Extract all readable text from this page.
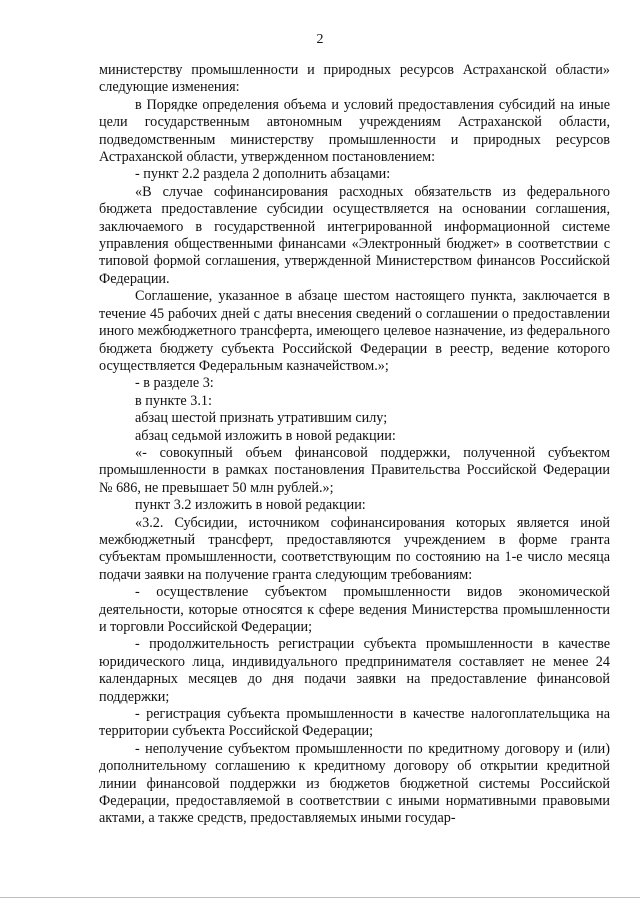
2

министерству промышленности и природных ресурсов Астраханской области» следующие изменения:

в Порядке определения объема и условий предоставления субсидий на иные цели государственным автономным учреждениям Астраханской области, подведомственным министерству промышленности и природных ресурсов Астраханской области, утвержденном постановлением:

- пункт 2.2 раздела 2 дополнить абзацами:

«В случае софинансирования расходных обязательств из федерального бюджета предоставление субсидии осуществляется на основании соглашения, заключаемого в государственной интегрированной информационной системе управления общественными финансами «Электронный бюджет» в соответствии с типовой формой соглашения, утвержденной Министерством финансов Российской Федерации.

Соглашение, указанное в абзаце шестом настоящего пункта, заключается в течение 45 рабочих дней с даты внесения сведений о соглашении о предоставлении иного межбюджетного трансферта, имеющего целевое назначение, из федерального бюджета бюджету субъекта Российской Федерации в реестр, ведение которого осуществляется Федеральным казначейством.»;

- в разделе 3:

в пункте 3.1:

абзац шестой признать утратившим силу;

абзац седьмой изложить в новой редакции:

«- совокупный объем финансовой поддержки, полученной субъектом промышленности в рамках постановления Правительства Российской Федерации № 686, не превышает 50 млн рублей.»;

пункт 3.2 изложить в новой редакции:

«3.2. Субсидии, источником софинансирования которых является иной межбюджетный трансферт, предоставляются учреждением в форме гранта субъектам промышленности, соответствующим по состоянию на 1-е число месяца подачи заявки на получение гранта следующим требованиям:

- осуществление субъектом промышленности видов экономической деятельности, которые относятся к сфере ведения Министерства промышленности и торговли Российской Федерации;

- продолжительность регистрации субъекта промышленности в качестве юридического лица, индивидуального предпринимателя составляет не менее 24 календарных месяцев до дня подачи заявки на предоставление финансовой поддержки;

- регистрация субъекта промышленности в качестве налогоплательщика на территории субъекта Российской Федерации;

- неполучение субъектом промышленности по кредитному договору и (или) дополнительному соглашению к кредитному договору об открытии кредитной линии финансовой поддержки из бюджетов бюджетной системы Российской Федерации, предоставляемой в соответствии с иными нормативными правовыми актами, а также средств, предоставляемых иными государ-
